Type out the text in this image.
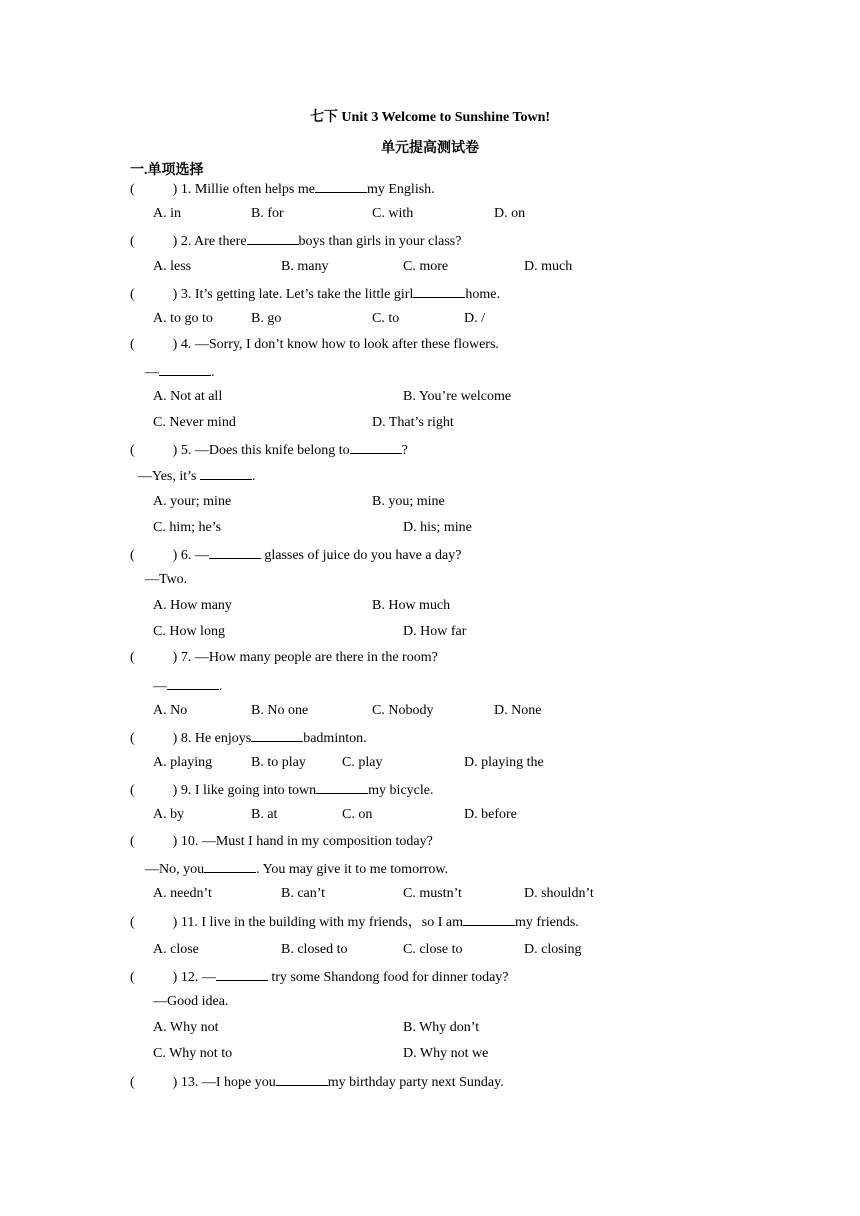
七下 Unit 3 Welcome to Sunshine Town!
单元提高测试卷
一.单项选择
(	) 1. Millie often helps me	my English.
A. in	B. for	C. with	D. on
(	) 2. Are there	boys than girls in your class?
A. less	B. many	C. more	D. much
(	) 3. It’s getting late. Let’s take the little girl	home.
A. to go to	B. go	C. to	D. /
(	) 4. —Sorry, I don’t know how to look after these flowers.
—	.
A. Not at all	B. You’re welcome
C. Never mind	D. That’s right
(	) 5. —Does this knife belong to	?
—Yes, it’s	.
A. your; mine	B. you; mine
C. him; he’s	D. his; mine
(	) 6. —	glasses of juice do you have a day?
—Two.
A. How many	B. How much
C. How long	D. How far
(	) 7. —How many people are there in the room?
—	.
A. No	B. No one	C. Nobody	D. None
(	) 8. He enjoys	badminton.
A. playing	B. to play	C. play	D. playing the
(	) 9. I like going into town	my bicycle.
A. by	B. at	C. on	D. before
(	) 10. —Must I hand in my composition today?
—No, you	. You may give it to me tomorrow.
A. needn’t	B. can’t	C. mustn’t	D. shouldn’t
(	) 11. I live in the building with my friends，so I am	my friends.
A. close	B. closed to	C. close to	D. closing
(	) 12. —	try some Shandong food for dinner today?
—Good idea.
A. Why not	B. Why don’t
C. Why not to	D. Why not we
(	) 13. —I hope you	my birthday party next Sunday.
